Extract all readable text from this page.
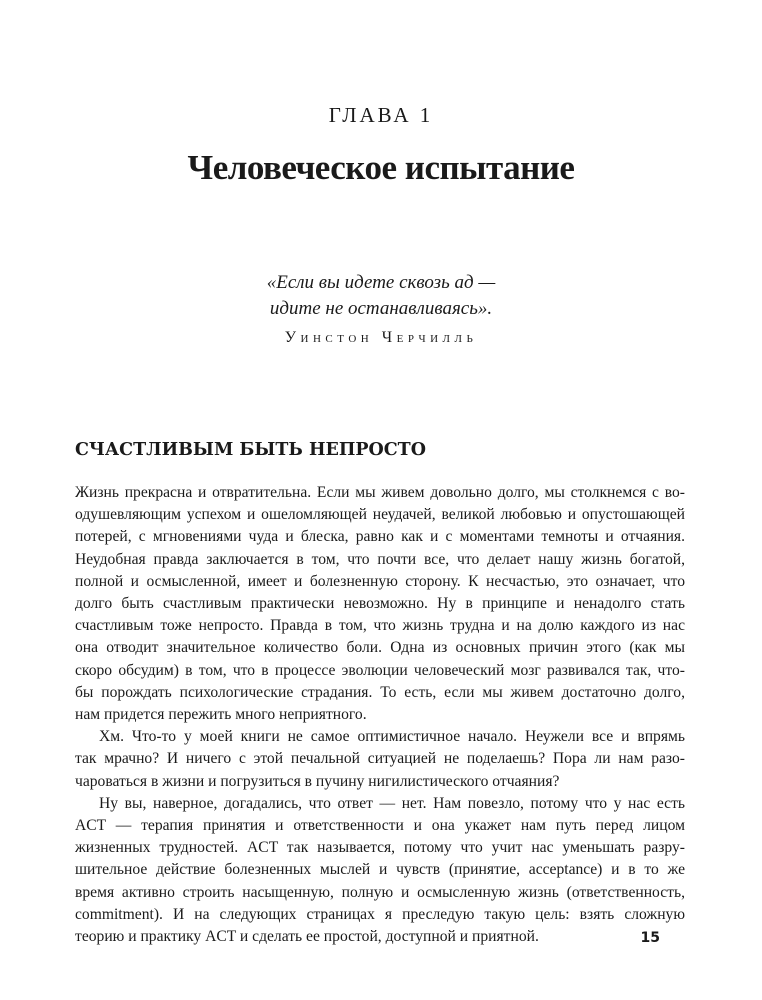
ГЛАВА 1
Человеческое испытание
«Если вы идете сквозь ад —
идите не останавливаясь».
Уинстон Черчилль
СЧАСТЛИВЫМ БЫТЬ НЕПРОСТО
Жизнь прекрасна и отвратительна. Если мы живем довольно долго, мы столкнемся с во-
одушевляющим успехом и ошеломляющей неудачей, великой любовью и опустошающей
потерей, с мгновениями чуда и блеска, равно как и с моментами темноты и отчаяния.
Неудобная правда заключается в том, что почти все, что делает нашу жизнь богатой,
полной и осмысленной, имеет и болезненную сторону. К несчастью, это означает, что
долго быть счастливым практически невозможно. Ну в принципе и ненадолго стать
счастливым тоже непросто. Правда в том, что жизнь трудна и на долю каждого из нас
она отводит значительное количество боли. Одна из основных причин этого (как мы
скоро обсудим) в том, что в процессе эволюции человеческий мозг развивался так, что-
бы порождать психологические страдания. То есть, если мы живем достаточно долго,
нам придется пережить много неприятного.
Хм. Что-то у моей книги не самое оптимистичное начало. Неужели все и впрямь
так мрачно? И ничего с этой печальной ситуацией не поделаешь? Пора ли нам разо-
чароваться в жизни и погрузиться в пучину нигилистического отчаяния?
Ну вы, наверное, догадались, что ответ — нет. Нам повезло, потому что у нас есть
ACT — терапия принятия и ответственности и она укажет нам путь перед лицом
жизненных трудностей. ACT так называется, потому что учит нас уменьшать разру-
шительное действие болезненных мыслей и чувств (принятие, acceptance) и в то же
время активно строить насыщенную, полную и осмысленную жизнь (ответственность,
commitment). И на следующих страницах я преследую такую цель: взять сложную
теорию и практику ACT и сделать ее простой, доступной и приятной.	15
